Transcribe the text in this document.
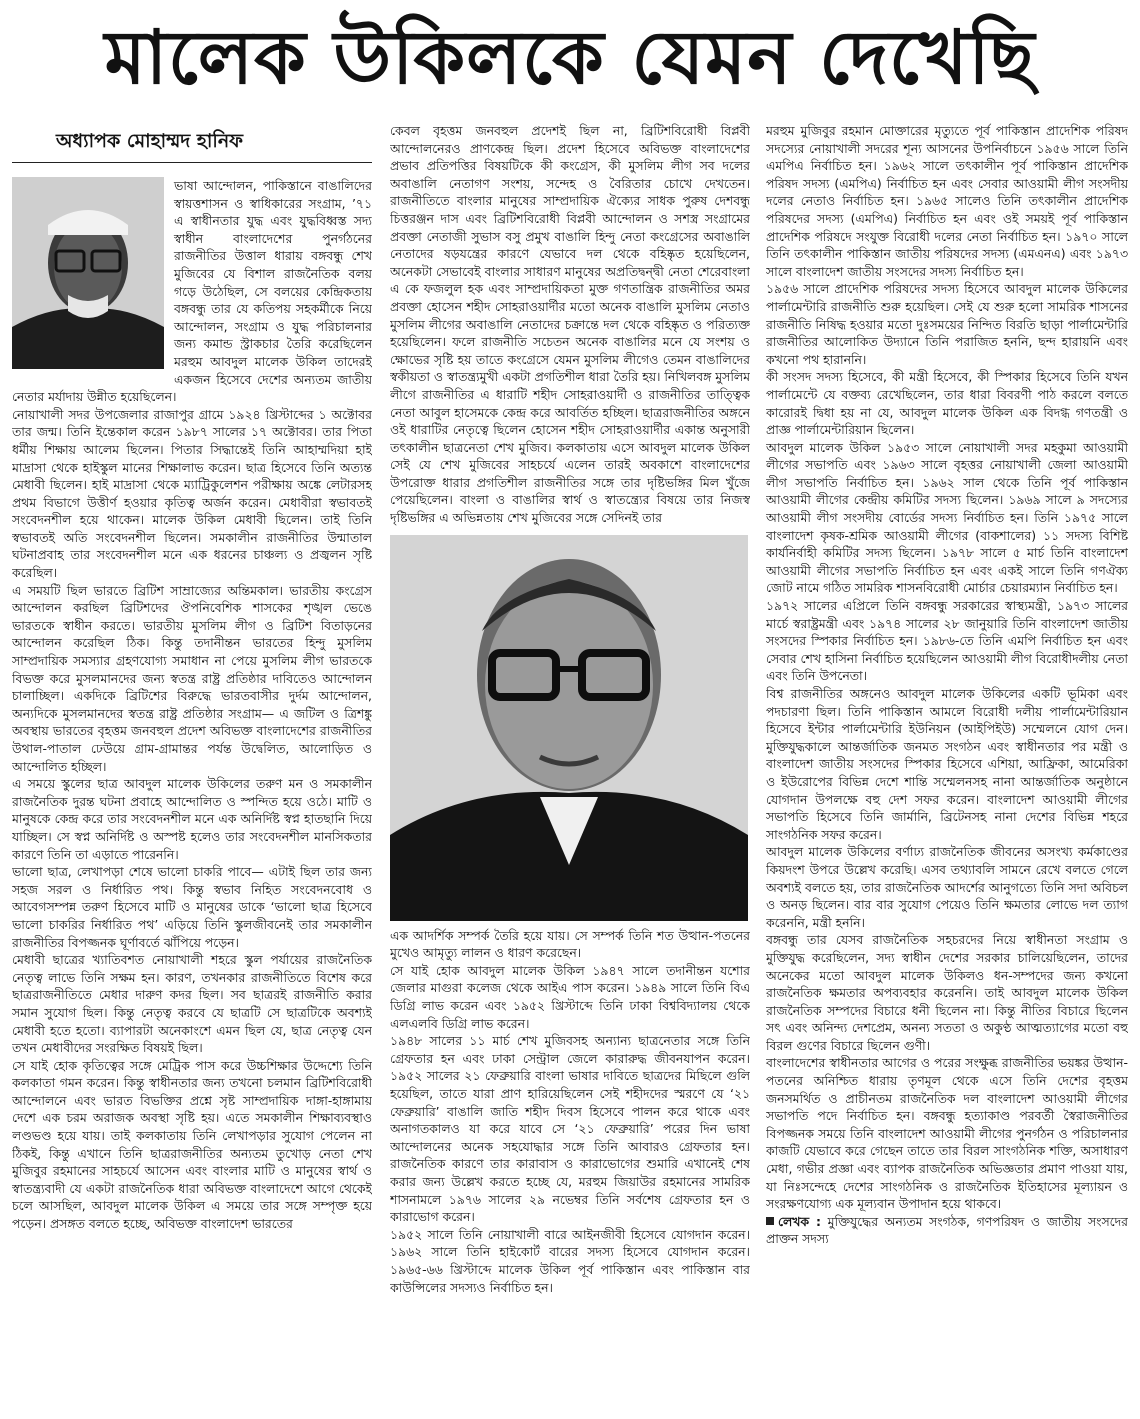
মালেক উকিলকে যেমন দেখেছি
অধ্যাপক মোহাম্মদ হানিফ

ভাষা আন্দোলন, পাকিস্তানে বাঙালিদের স্বায়ত্তশাসন ও স্বাধিকারের সংগ্রাম, ’৭১ এ স্বাধীনতার যুদ্ধ এবং যুদ্ধবিধ্বস্ত সদ্য স্বাধীন বাংলাদেশের পুনর্গঠনের রাজনীতির উত্তাল ধারায় বঙ্গবন্ধু শেখ মুজিবের যে বিশাল রাজনৈতিক বলয় গড়ে উঠেছিল, সে বলয়ের কেন্দ্রিকতায় বঙ্গবন্ধু তার যে কতিপয় সহকর্মীকে নিয়ে আন্দোলন, সংগ্রাম ও যুদ্ধ পরিচালনার জন্য কমান্ড স্ট্রাকচার তৈরি করেছিলেন মরহুম আবদুল মালেক উকিল তাদেরই একজন হিসেবে দেশের অন্যতম জাতীয় নেতার মর্যাদায় উন্নীত হয়েছিলেন।

নোয়াখালী সদর উপজেলার রাজাপুর গ্রামে ১৯২৪ খ্রিস্টাব্দের ১ অক্টোবর তার জন্ম। তিনি ইন্তেকাল করেন ১৯৮৭ সালের ১৭ অক্টোবর। তার পিতা ধর্মীয় শিক্ষায় আলেম ছিলেন। পিতার সিদ্ধান্তেই তিনি আহাম্মদিয়া হাই মাদ্রাসা থেকে হাইস্কুল মানের শিক্ষালাভ করেন। ছাত্র হিসেবে তিনি অত্যন্ত মেধাবী ছিলেন। হাই মাদ্রাসা থেকে ম্যাট্রিকুলেশন পরীক্ষায় অঙ্কে লেটারসহ প্রথম বিভাগে উত্তীর্ণ হওয়ার কৃতিত্ব অর্জন করেন। মেধাবীরা স্বভাবতই সংবেদনশীল হয়ে থাকেন। মালেক উকিল মেধাবী ছিলেন। তাই তিনি স্বভাবতই অতি সংবেদনশীল ছিলেন। সমকালীন রাজনীতির উন্মাতাল ঘটনাপ্রবাহ তার সংবেদনশীল মনে এক ধরনের চাঞ্চল্য ও প্রজ্বলন সৃষ্টি করেছিল।

এ সময়টি ছিল ভারতে ব্রিটিশ সাম্রাজ্যের অন্তিমকাল। ভারতীয় কংগ্রেস আন্দোলন করছিল ব্রিটিশদের ঔপনিবেশিক শাসকের শৃঙ্খল ভেঙে ভারতকে স্বাধীন করতে। ভারতীয় মুসলিম লীগ ও ব্রিটিশ বিতাড়নের আন্দোলন করেছিল ঠিক। কিন্তু তদানীন্তন ভারতের হিন্দু মুসলিম সাম্প্রদায়িক সমস্যার গ্রহণযোগ্য সমাধান না পেয়ে মুসলিম লীগ ভারতকে বিভক্ত করে মুসলমানদের জন্য স্বতন্ত্র রাষ্ট্র প্রতিষ্ঠার দাবিতেও আন্দোলন চালাচ্ছিল। একদিকে ব্রিটিশের বিরুদ্ধে ভারতবাসীর দুর্দম আন্দোলন, অন্যদিকে মুসলমানদের স্বতন্ত্র রাষ্ট্র প্রতিষ্ঠার সংগ্রাম— এ জটিল ও ত্রিশঙ্কু অবস্থায় ভারতের বৃহত্তম জনবহুল প্রদেশ অবিভক্ত বাংলাদেশের রাজনীতির উথাল-পাতাল ঢেউয়ে গ্রাম-গ্রামান্তর পর্যন্ত উদ্বেলিত, আলোড়িত ও আন্দোলিত হচ্ছিল।

এ সময়ে স্কুলের ছাত্র আবদুল মালেক উকিলের তরুণ মন ও সমকালীন রাজনৈতিক দুরন্ত ঘটনা প্রবাহে আন্দোলিত ও স্পন্দিত হয়ে ওঠে। মাটি ও মানুষকে কেন্দ্র করে তার সংবেদনশীল মনে এক অনির্দিষ্ট স্বপ্ন হাতছানি দিয়ে যাচ্ছিল। সে স্বপ্ন অনির্দিষ্ট ও অস্পষ্ট হলেও তার সংবেদনশীল মানসিকতার কারণে তিনি তা এড়াতে পারেননি।

ভালো ছাত্র, লেখাপড়া শেষে ভালো চাকরি পাবে— এটাই ছিল তার জন্য সহজ সরল ও নির্ধারিত পথ। কিন্তু স্বভাব নিহিত সংবেদনবোধ ও আবেগসম্পন্ন তরুণ হিসেবে মাটি ও মানুষের ডাকে ‘ভালো ছাত্র হিসেবে ভালো চাকরির নির্ধারিত পথ’ এড়িয়ে তিনি স্কুলজীবনেই তার সমকালীন রাজনীতির বিপজ্জনক ঘূর্ণাবর্তে ঝাঁপিয়ে পড়েন।

মেধাবী ছাত্রের খ্যাতিবশত নোয়াখালী শহরে স্কুল পর্যায়ের রাজনৈতিক নেতৃত্ব লাভে তিনি সক্ষম হন। কারণ, তখনকার রাজনীতিতে বিশেষ করে ছাত্ররাজনীতিতে মেধার দারুণ কদর ছিল। সব ছাত্ররই রাজনীতি করার সমান সুযোগ ছিল। কিন্তু নেতৃত্ব করবে যে ছাত্রটি সে ছাত্রটিকে অবশ্যই মেধাবী হতে হতো। ব্যাপারটা অনেকাংশে এমন ছিল যে, ছাত্র নেতৃত্ব যেন তখন মেধাবীদের সংরক্ষিত বিষয়ই ছিল।

সে যাই হোক কৃতিত্বের সঙ্গে মেট্রিক পাস করে উচ্চশিক্ষার উদ্দেশ্যে তিনি কলকাতা গমন করেন। কিন্তু স্বাধীনতার জন্য তখনো চলমান ব্রিটিশবিরোধী আন্দোলনে এবং ভারত বিভক্তির প্রশ্নে সৃষ্ট সাম্প্রদায়িক দাঙ্গা-হাঙ্গামায় দেশে এক চরম অরাজক অবস্থা সৃষ্টি হয়। এতে সমকালীন শিক্ষাব্যবস্থাও লণ্ডভণ্ড হয়ে যায়। তাই কলকাতায় তিনি লেখাপড়ার সুযোগ পেলেন না ঠিকই, কিন্তু এখানে তিনি ছাত্ররাজনীতির অন্যতম তুখোড় নেতা শেখ মুজিবুর রহমানের সাহচর্যে আসেন এবং বাংলার মাটি ও মানুষের স্বার্থ ও স্বাতন্ত্র্যবাদী যে একটা রাজনৈতিক ধারা অবিভক্ত বাংলাদেশে আগে থেকেই চলে আসছিল, আবদুল মালেক উকিল এ সময়ে তার সঙ্গে সম্পৃক্ত হয়ে পড়েন। প্রসঙ্গত বলতে হচ্ছে, অবিভক্ত বাংলাদেশ ভারতের

কেবল বৃহত্তম জনবহুল প্রদেশই ছিল না, ব্রিটিশবিরোধী বিপ্লবী আন্দোলনেরও প্রাণকেন্দ্র ছিল। প্রদেশ হিসেবে অবিভক্ত বাংলাদেশের প্রভাব প্রতিপত্তির বিষয়টিকে কী কংগ্রেস, কী মুসলিম লীগ সব দলের অবাঙালি নেতাগণ সংশয়, সন্দেহ ও বৈরিতার চোখে দেখতেন। রাজনীতিতে বাংলার মানুষের সাম্প্রদায়িক ঐক্যের সাধক পুরুষ দেশবন্ধু চিত্তরঞ্জন দাস এবং ব্রিটিশবিরোধী বিপ্লবী আন্দোলন ও সশস্ত্র সংগ্রামের প্রবক্তা নেতাজী সুভাস বসু প্রমুখ বাঙালি হিন্দু নেতা কংগ্রেসের অবাঙালি নেতাদের ষড়যন্ত্রের কারণে যেভাবে দল থেকে বহিষ্কৃত হয়েছিলেন, অনেকটা সেভাবেই বাংলার সাধারণ মানুষের অপ্রতিদ্বন্দ্বী নেতা শেরেবাংলা এ কে ফজলুল হক এবং সাম্প্রদায়িকতা মুক্ত গণতান্ত্রিক রাজনীতির অমর প্রবক্তা হোসেন শহীদ সোহরাওয়ার্দীর মতো অনেক বাঙালি মুসলিম নেতাও মুসলিম লীগের অবাঙালি নেতাদের চক্রান্তে দল থেকে বহিষ্কৃত ও পরিত্যক্ত হয়েছিলেন। ফলে রাজনীতি সচেতন অনেক বাঙালির মনে যে সংশয় ও ক্ষোভের সৃষ্টি হয় তাতে কংগ্রেসে যেমন মুসলিম লীগেও তেমন বাঙালিদের স্বকীয়তা ও স্বাতন্ত্র্যমুখী একটা প্রগতিশীল ধারা তৈরি হয়। নিখিলবঙ্গ মুসলিম লীগে রাজনীতির এ ধারাটি শহীদ সোহরাওয়ার্দী ও রাজনীতির তাত্ত্বিক নেতা আবুল হাসেমকে কেন্দ্র করে আবর্তিত হচ্ছিল। ছাত্ররাজনীতির অঙ্গনে ওই ধারাটির নেতৃত্বে ছিলেন হোসেন শহীদ সোহরাওয়ার্দীর একান্ত অনুসারী তৎকালীন ছাত্রনেতা শেখ মুজিব। কলকাতায় এসে আবদুল মালেক উকিল সেই যে শেখ মুজিবের সাহচর্যে এলেন তারই অবকাশে বাংলাদেশের উপরোক্ত ধারার প্রগতিশীল রাজনীতির সঙ্গে তার দৃষ্টিভঙ্গির মিল খুঁজে পেয়েছিলেন। বাংলা ও বাঙালির স্বার্থ ও স্বাতন্ত্র্যের বিষয়ে তার নিজস্ব দৃষ্টিভঙ্গির এ অভিন্নতায় শেখ মুজিবের সঙ্গে সেদিনই তার

এক আদর্শিক সম্পর্ক তৈরি হয়ে যায়। সে সম্পর্ক তিনি শত উত্থান-পতনের মুখেও আমৃত্যু লালন ও ধারণ করেছেন।

সে যাই হোক আবদুল মালেক উকিল ১৯৪৭ সালে তদানীন্তন যশোর জেলার মাগুরা কলেজ থেকে আইএ পাস করেন। ১৯৪৯ সালে তিনি বিএ ডিগ্রি লাভ করেন এবং ১৯৫২ খ্রিস্টাব্দে তিনি ঢাকা বিশ্ববিদ্যালয় থেকে এলএলবি ডিগ্রি লাভ করেন।

১৯৪৮ সালের ১১ মার্চ শেখ মুজিবসহ অন্যান্য ছাত্রনেতার সঙ্গে তিনি গ্রেফতার হন এবং ঢাকা সেন্ট্রাল জেলে কারারুদ্ধ জীবনযাপন করেন। ১৯৫২ সালের ২১ ফেব্রুয়ারি বাংলা ভাষার দাবিতে ছাত্রদের মিছিলে গুলি হয়েছিল, তাতে যারা প্রাণ হারিয়েছিলেন সেই শহীদদের স্মরণে যে ‘২১ ফেব্রুয়ারি’ বাঙালি জাতি শহীদ দিবস হিসেবে পালন করে থাকে এবং অনাগতকালও যা করে যাবে সে ‘২১ ফেব্রুয়ারি’ পরের দিন ভাষা আন্দোলনের অনেক সহযোদ্ধার সঙ্গে তিনি আবারও গ্রেফতার হন। রাজনৈতিক কারণে তার কারাবাস ও কারাভোগের শুমারি এখানেই শেষ করার জন্য উল্লেখ করতে হচ্ছে যে, মরহুম জিয়াউর রহমানের সামরিক শাসনামলে ১৯৭৬ সালের ২৯ নভেম্বর তিনি সর্বশেষ গ্রেফতার হন ও কারাভোগ করেন।

১৯৫২ সালে তিনি নোয়াখালী বারে আইনজীবী হিসেবে যোগদান করেন। ১৯৬২ সালে তিনি হাইকোর্ট বারের সদস্য হিসেবে যোগদান করেন। ১৯৬৫-৬৬ খ্রিস্টাব্দে মালেক উকিল পূর্ব পাকিস্তান এবং পাকিস্তান বার কাউন্সিলের সদস্যও নির্বাচিত হন।

মরহুম মুজিবুর রহমান মোক্তারের মৃত্যুতে পূর্ব পাকিস্তান প্রাদেশিক পরিষদ সদস্যের নোয়াখালী সদরের শূন্য আসনের উপনির্বাচনে ১৯৫৬ সালে তিনি এমপিএ নির্বাচিত হন। ১৯৬২ সালে তৎকালীন পূর্ব পাকিস্তান প্রাদেশিক পরিষদ সদস্য (এমপিএ) নির্বাচিত হন এবং সেবার আওয়ামী লীগ সংসদীয় দলের নেতাও নির্বাচিত হন। ১৯৬৫ সালেও তিনি তৎকালীন প্রাদেশিক পরিষদের সদস্য (এমপিএ) নির্বাচিত হন এবং ওই সময়ই পূর্ব পাকিস্তান প্রাদেশিক পরিষদে সংযুক্ত বিরোধী দলের নেতা নির্বাচিত হন। ১৯৭০ সালে তিনি তৎকালীন পাকিস্তান জাতীয় পরিষদের সদস্য (এমএনএ) এবং ১৯৭৩ সালে বাংলাদেশ জাতীয় সংসদের সদস্য নির্বাচিত হন।

১৯৫৬ সালে প্রাদেশিক পরিষদের সদস্য হিসেবে আবদুল মালেক উকিলের পার্লামেন্টারি রাজনীতি শুরু হয়েছিল। সেই যে শুরু হলো সামরিক শাসনের রাজনীতি নিষিদ্ধ হওয়ার মতো দুঃসময়ের নিন্দিত বিরতি ছাড়া পার্লামেন্টারি রাজনীতির আলোকিত উদ্যানে তিনি পরাজিত হননি, ছন্দ হারায়নি এবং কখনো পথ হারাননি।

কী সংসদ সদস্য হিসেবে, কী মন্ত্রী হিসেবে, কী স্পিকার হিসেবে তিনি যখন পার্লামেন্টে যে বক্তব্য রেখেছিলেন, তার ধারা বিবরণী পাঠ করলে বলতে কারোরই দ্বিধা হয় না যে, আবদুল মালেক উকিল এক বিদগ্ধ গণতন্ত্রী ও প্রাজ্ঞ পার্লামেন্টারিয়ান ছিলেন।

আবদুল মালেক উকিল ১৯৫৩ সালে নোয়াখালী সদর মহকুমা আওয়ামী লীগের সভাপতি এবং ১৯৬৩ সালে বৃহত্তর নোয়াখালী জেলা আওয়ামী লীগ সভাপতি নির্বাচিত হন। ১৯৬২ সাল থেকে তিনি পূর্ব পাকিস্তান আওয়ামী লীগের কেন্দ্রীয় কমিটির সদস্য ছিলেন। ১৯৬৯ সালে ৯ সদস্যের আওয়ামী লীগ সংসদীয় বোর্ডের সদস্য নির্বাচিত হন। তিনি ১৯৭৫ সালে বাংলাদেশ কৃষক-শ্রমিক আওয়ামী লীগের (বাকশালের) ১১ সদস্য বিশিষ্ট কার্যনির্বাহী কমিটির সদস্য ছিলেন। ১৯৭৮ সালে ৫ মার্চ তিনি বাংলাদেশ আওয়ামী লীগের সভাপতি নির্বাচিত হন এবং একই সালে তিনি গণঐক্য জোট নামে গঠিত সামরিক শাসনবিরোধী মোর্চার চেয়ারম্যান নির্বাচিত হন।

১৯৭২ সালের এপ্রিলে তিনি বঙ্গবন্ধু সরকারের স্বাস্থ্যমন্ত্রী, ১৯৭৩ সালের মার্চে স্বরাষ্ট্রমন্ত্রী এবং ১৯৭৪ সালের ২৮ জানুয়ারি তিনি বাংলাদেশ জাতীয় সংসদের স্পিকার নির্বাচিত হন। ১৯৮৬-তে তিনি এমপি নির্বাচিত হন এবং সেবার শেখ হাসিনা নির্বাচিত হয়েছিলেন আওয়ামী লীগ বিরোধীদলীয় নেতা এবং তিনি উপনেতা।

বিশ্ব রাজনীতির অঙ্গনেও আবদুল মালেক উকিলের একটি ভূমিকা এবং পদচারণা ছিল। তিনি পাকিস্তান আমলে বিরোধী দলীয় পার্লামেন্টারিয়ান হিসেবে ইন্টার পার্লামেন্টারি ইউনিয়ন (আইপিইউ) সম্মেলনে যোগ দেন। মুক্তিযুদ্ধকালে আন্তর্জাতিক জনমত সংগঠন এবং স্বাধীনতার পর মন্ত্রী ও বাংলাদেশ জাতীয় সংসদের স্পিকার হিসেবে এশিয়া, আফ্রিকা, আমেরিকা ও ইউরোপের বিভিন্ন দেশে শান্তি সম্মেলনসহ নানা আন্তর্জাতিক অনুষ্ঠানে যোগদান উপলক্ষে বহু দেশ সফর করেন। বাংলাদেশ আওয়ামী লীগের সভাপতি হিসেবে তিনি জার্মানি, ব্রিটেনসহ নানা দেশের বিভিন্ন শহরে সাংগঠনিক সফর করেন।

আবদুল মালেক উকিলের বর্ণাঢ্য রাজনৈতিক জীবনের অসংখ্য কর্মকাণ্ডের কিয়দংশ উপরে উল্লেখ করেছি। এসব তথ্যাবলি সামনে রেখে বলতে গেলে অবশ্যই বলতে হয়, তার রাজনৈতিক আদর্শের আনুগত্যে তিনি সদা অবিচল ও অনড় ছিলেন। বার বার সুযোগ পেয়েও তিনি ক্ষমতার লোভে দল ত্যাগ করেননি, মন্ত্রী হননি।

বঙ্গবন্ধু তার যেসব রাজনৈতিক সহচরদের নিয়ে স্বাধীনতা সংগ্রাম ও মুক্তিযুদ্ধ করেছিলেন, সদ্য স্বাধীন দেশের সরকার চালিয়েছিলেন, তাদের অনেকের মতো আবদুল মালেক উকিলও ধন-সম্পদের জন্য কখনো রাজনৈতিক ক্ষমতার অপব্যবহার করেননি। তাই আবদুল মালেক উকিল রাজনৈতিক সম্পদের বিচারে ধনী ছিলেন না। কিন্তু নীতির বিচারে ছিলেন সৎ এবং অনিন্দ্য দেশপ্রেম, অনন্য সততা ও অকুণ্ঠ আত্মত্যাগের মতো বহু বিরল গুণের বিচারে ছিলেন গুণী।

বাংলাদেশের স্বাধীনতার আগের ও পরের সংক্ষুব্ধ রাজনীতির ভয়ঙ্কর উত্থান-পতনের অনিশ্চিত ধারায় তৃণমূল থেকে এসে তিনি দেশের বৃহত্তম জনসমর্থিত ও প্রাচীনতম রাজনৈতিক দল বাংলাদেশ আওয়ামী লীগের সভাপতি পদে নির্বাচিত হন। বঙ্গবন্ধু হত্যাকাণ্ড পরবর্তী স্বৈরাজনীতির বিপজ্জনক সময়ে তিনি বাংলাদেশ আওয়ামী লীগের পুনর্গঠন ও পরিচালনার কাজটি যেভাবে করে গেছেন তাতে তার বিরল সাংগঠনিক শক্তি, অসাধারণ মেধা, গভীর প্রজ্ঞা এবং ব্যাপক রাজনৈতিক অভিজ্ঞতার প্রমাণ পাওয়া যায়, যা নিঃসন্দেহে দেশের সাংগঠনিক ও রাজনৈতিক ইতিহাসের মূল্যায়ন ও সংরক্ষণযোগ্য এক মূল্যবান উপাদান হয়ে থাকবে।

লেখক : মুক্তিযুদ্ধের অন্যতম সংগঠক, গণপরিষদ ও জাতীয় সংসদের প্রাক্তন সদস্য
